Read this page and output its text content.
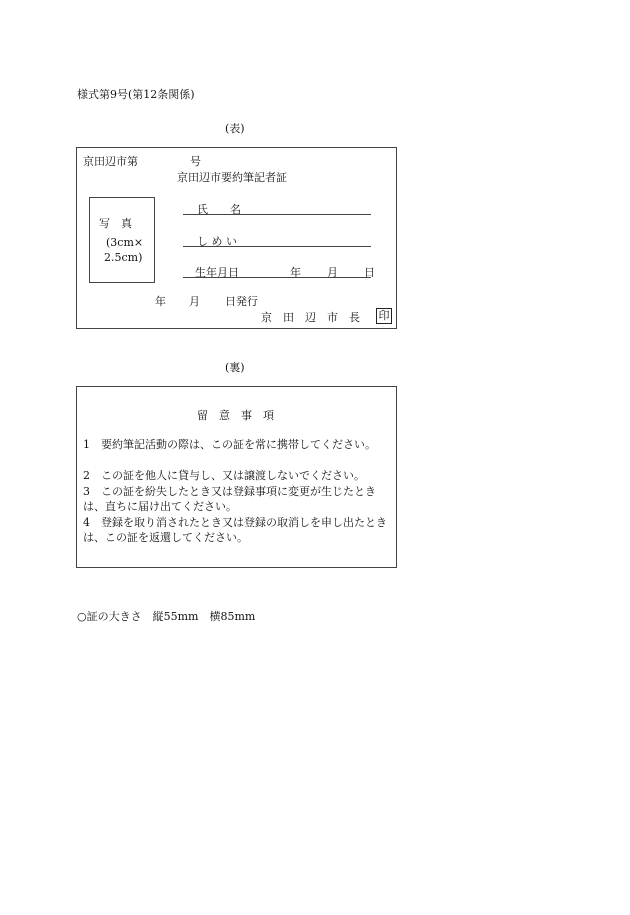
様式第9号(第12条関係)
(表)
京田辺市第	号
京田辺市要約筆記者証
写　真
(3cm×
2.5cm)
氏　　名
し め い
生年月日	年 月 日
年 月 日発行
京　田　辺　市　長 印
(裏)
留　意　事　項
1 要約筆記活動の際は、この証を常に携帯してください。
2 この証を他人に貸与し、又は譲渡しないでください。
3 この証を紛失したとき又は登録事項に変更が生じたときは、直ちに届け出てください。
4 登録を取り消されたとき又は登録の取消しを申し出たときは、この証を返還してください。
○証の大きさ　縦55mm　横85mm
